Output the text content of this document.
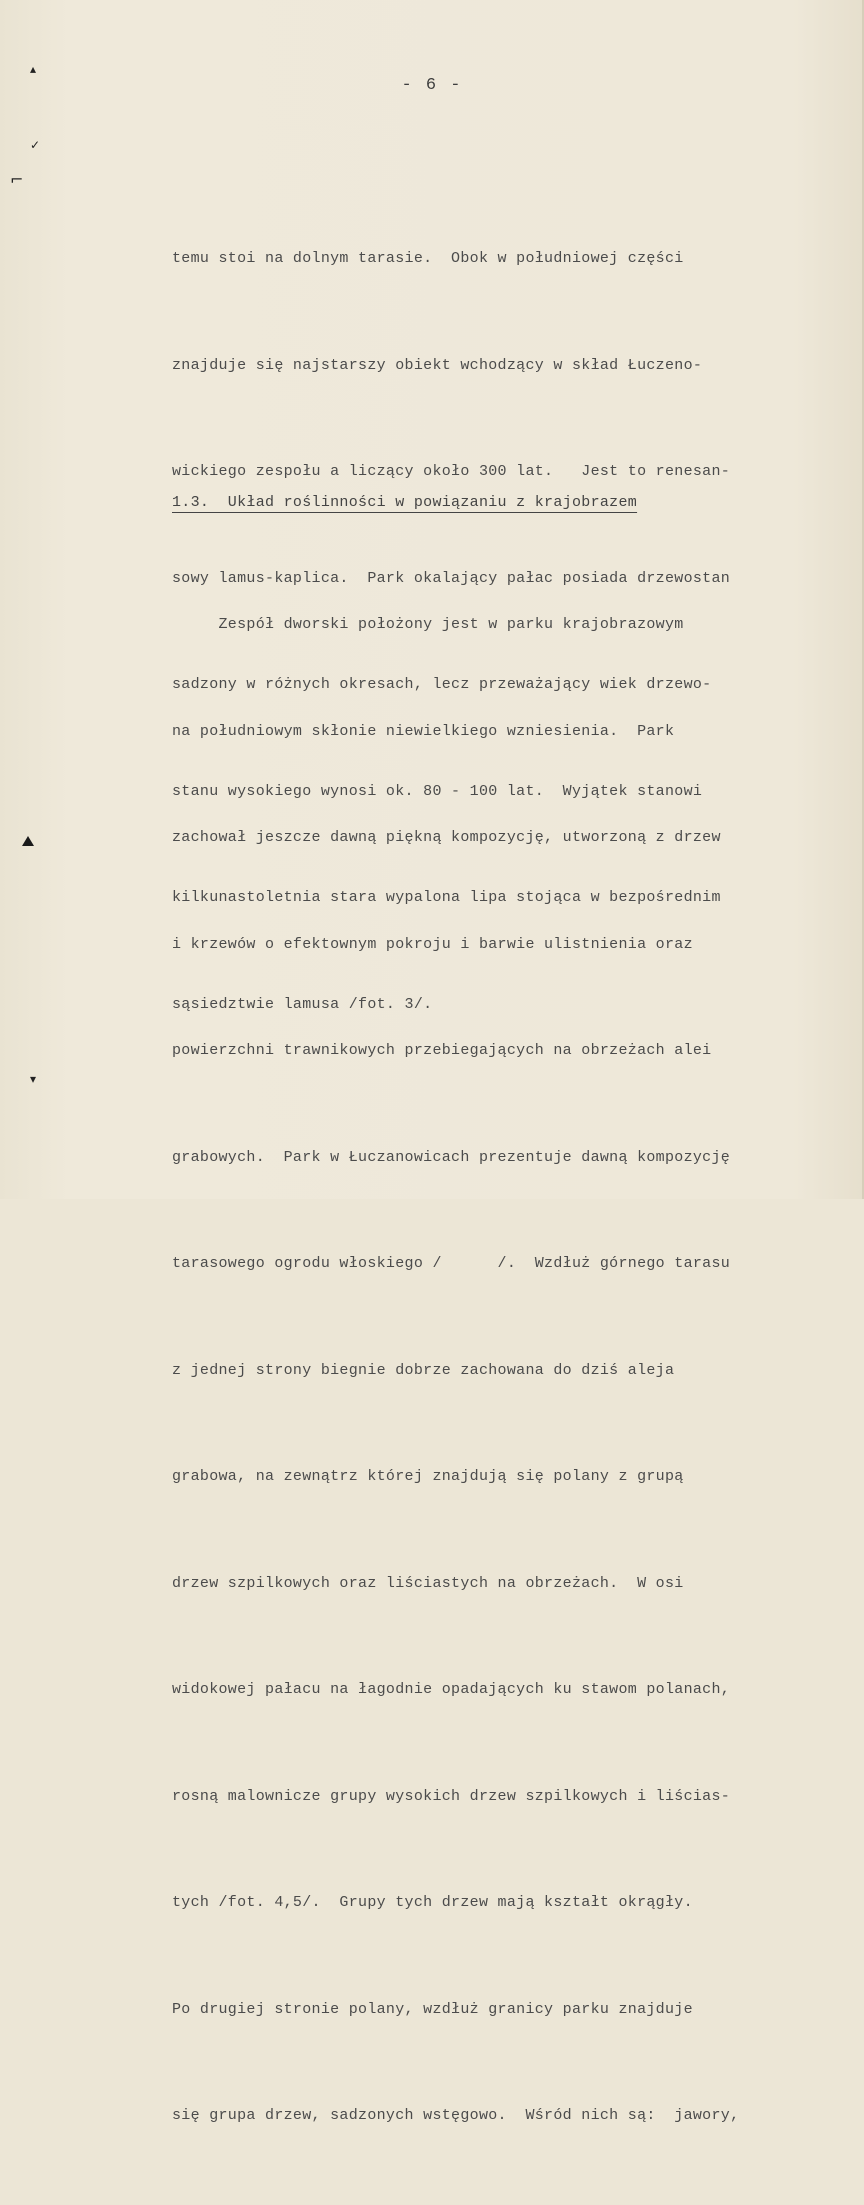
▴
✓
⌐
▾
- 6 -

temu stoi na dolnym tarasie.  Obok w południowej części

znajduje się najstarszy obiekt wchodzący w skład Łuczeno-

wickiego zespołu a liczący około 300 lat.   Jest to renesan-

sowy lamus-kaplica.  Park okalający pałac posiada drzewostan

sadzony w różnych okresach, lecz przeważający wiek drzewo-

stanu wysokiego wynosi ok. 80 - 100 lat.  Wyjątek stanowi

kilkunastoletnia stara wypalona lipa stojąca w bezpośrednim

sąsiedztwie lamusa /fot. 3/.

1.3.  Układ roślinności w powiązaniu z krajobrazem

Zespół dworski położony jest w parku krajobrazowym

na południowym skłonie niewielkiego wzniesienia.  Park

zachował jeszcze dawną piękną kompozycję, utworzoną z drzew

i krzewów o efektownym pokroju i barwie ulistnienia oraz

powierzchni trawnikowych przebiegających na obrzeżach alei

grabowych.  Park w Łuczanowicach prezentuje dawną kompozycję

tarasowego ogrodu włoskiego /      /.  Wzdłuż górnego tarasu

z jednej strony biegnie dobrze zachowana do dziś aleja

grabowa, na zewnątrz której znajdują się polany z grupą

drzew szpilkowych oraz liściastych na obrzeżach.  W osi

widokowej pałacu na łagodnie opadających ku stawom polanach,

rosną malownicze grupy wysokich drzew szpilkowych i liścias-

tych /fot. 4,5/.  Grupy tych drzew mają kształt okrągły.

Po drugiej stronie polany, wzdłuż granicy parku znajduje

się grupa drzew, sadzonych wstęgowo.  Wśród nich są:  jawory,
